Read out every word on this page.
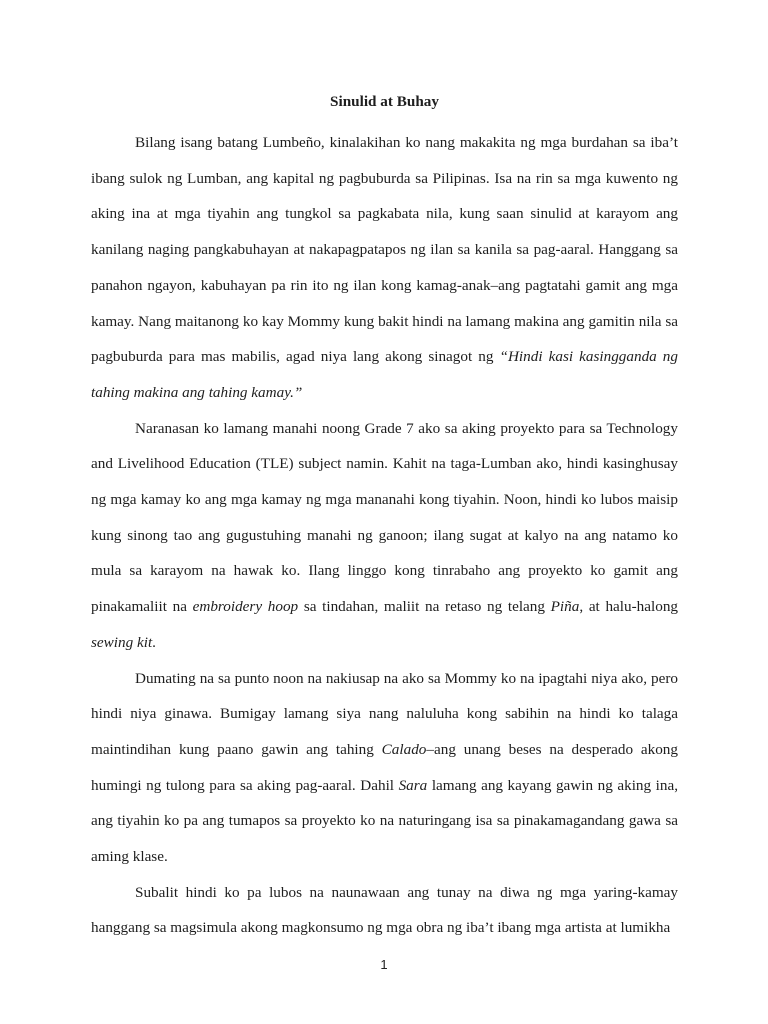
Sinulid at Buhay

Bilang isang batang Lumbeño, kinalakihan ko nang makakita ng mga burdahan sa iba’t ibang sulok ng Lumban, ang kapital ng pagbuburda sa Pilipinas. Isa na rin sa mga kuwento ng aking ina at mga tiyahin ang tungkol sa pagkabata nila, kung saan sinulid at karayom ang kanilang naging pangkabuhayan at nakapagpatapos ng ilan sa kanila sa pag-aaral. Hanggang sa panahon ngayon, kabuhayan pa rin ito ng ilan kong kamag-anak–ang pagtatahi gamit ang mga kamay. Nang maitanong ko kay Mommy kung bakit hindi na lamang makina ang gamitin nila sa pagbuburda para mas mabilis, agad niya lang akong sinagot ng “Hindi kasi kasingganda ng tahing makina ang tahing kamay.”

Naranasan ko lamang manahi noong Grade 7 ako sa aking proyekto para sa Technology and Livelihood Education (TLE) subject namin. Kahit na taga-Lumban ako, hindi kasinghusay ng mga kamay ko ang mga kamay ng mga mananahi kong tiyahin. Noon, hindi ko lubos maisip kung sinong tao ang gugustuhing manahi ng ganoon; ilang sugat at kalyo na ang natamo ko mula sa karayom na hawak ko. Ilang linggo kong tinrabaho ang proyekto ko gamit ang pinakamaliit na embroidery hoop sa tindahan, maliit na retaso ng telang Piña, at halu-halong sewing kit.

Dumating na sa punto noon na nakiusap na ako sa Mommy ko na ipagtahi niya ako, pero hindi niya ginawa. Bumigay lamang siya nang naluluha kong sabihin na hindi ko talaga maintindihan kung paano gawin ang tahing Calado–ang unang beses na desperado akong humingi ng tulong para sa aking pag-aaral. Dahil Sara lamang ang kayang gawin ng aking ina, ang tiyahin ko pa ang tumapos sa proyekto ko na naturingang isa sa pinakamagandang gawa sa aming klase.

Subalit hindi ko pa lubos na naunawaan ang tunay na diwa ng mga yaring-kamay hanggang sa magsimula akong magkonsumo ng mga obra ng iba’t ibang mga artista at lumikha

1
